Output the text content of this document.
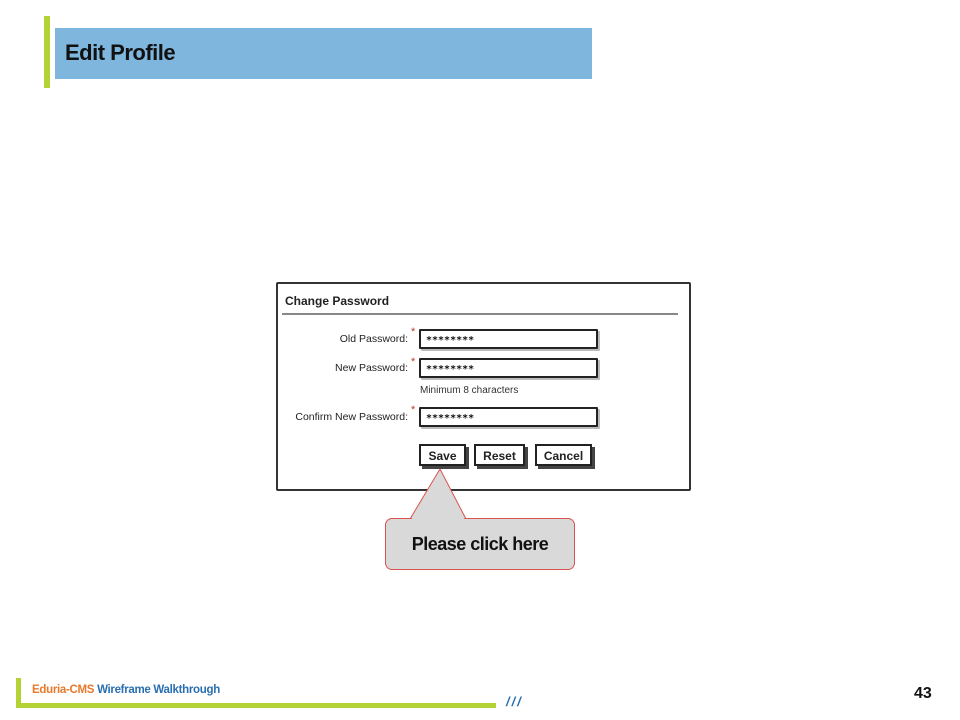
Edit Profile
Change Password
Old Password:
*
********
New Password: *
********
Minimum 8 characters
Confirm New Password:
*
********
Save	Reset	Cancel
Please click here
Eduria-CMS Wireframe Walkthrough
///	43
